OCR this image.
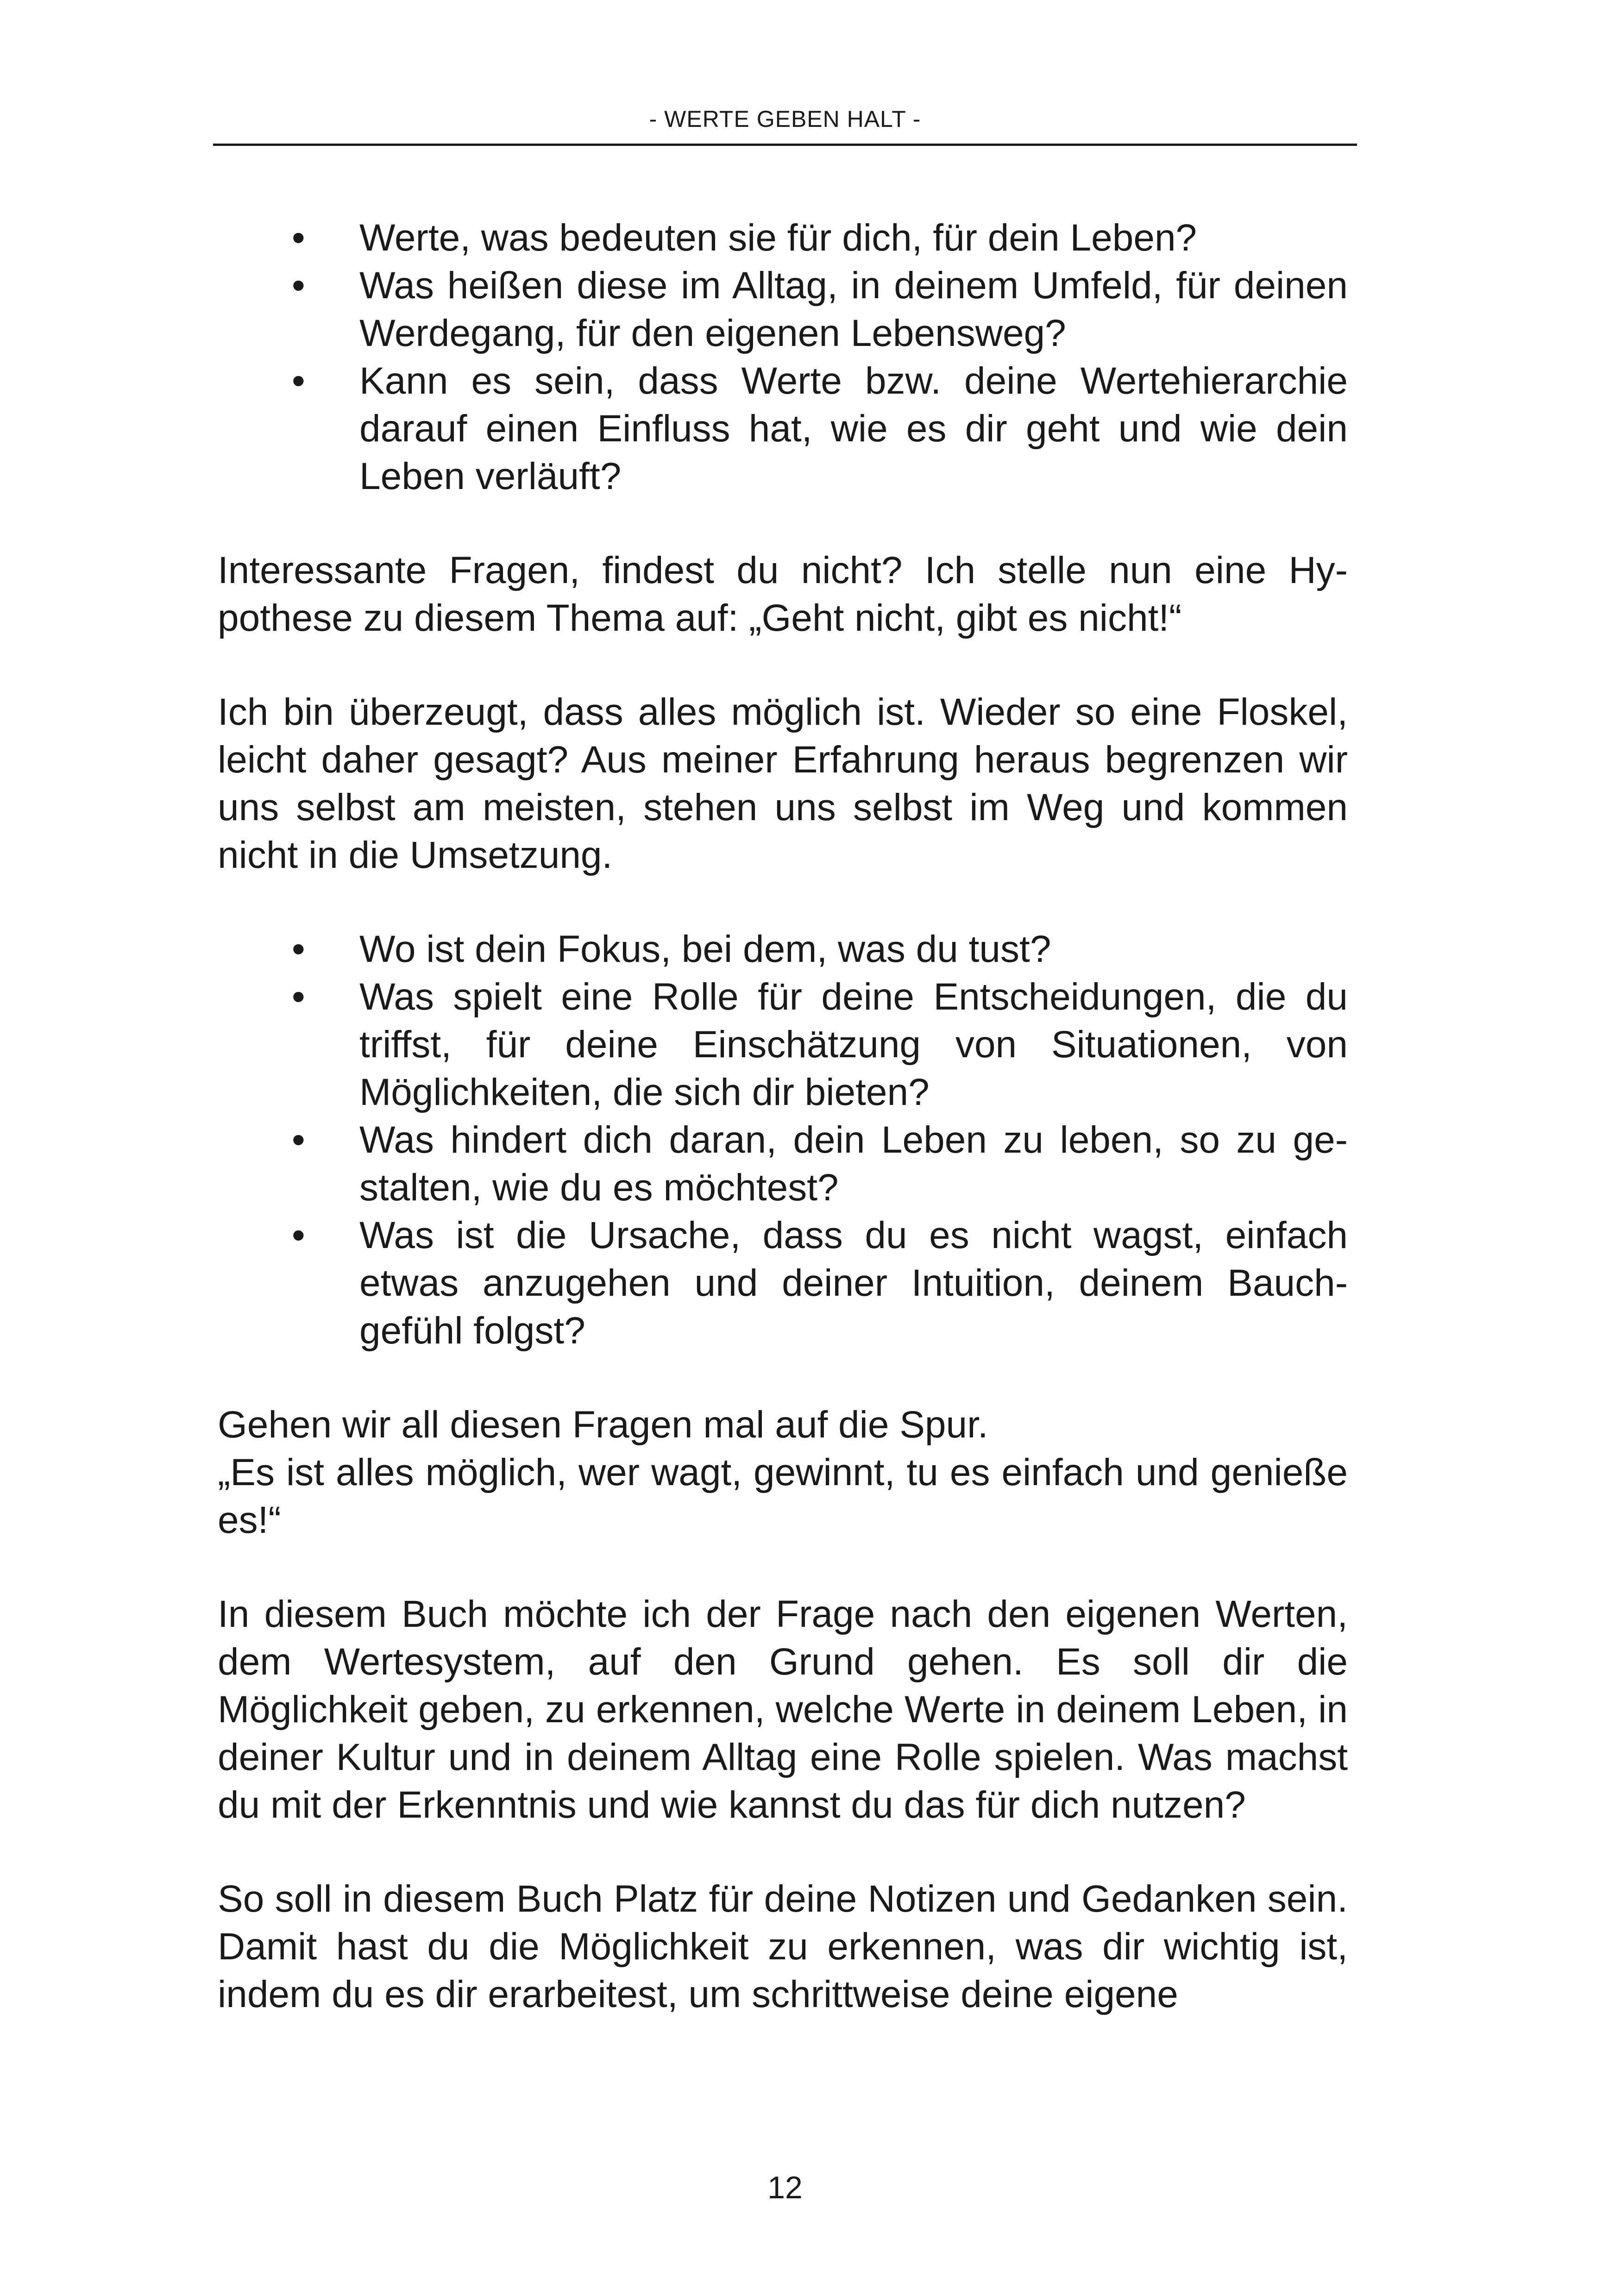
- WERTE GEBEN HALT -
• Werte, was bedeuten sie für dich, für dein Leben?
• Was heißen diese im Alltag, in deinem Umfeld, für deinen Werdegang, für den eigenen Lebensweg?
• Kann es sein, dass Werte bzw. deine Wertehierarchie darauf einen Einfluss hat, wie es dir geht und wie dein Leben verläuft?

Interessante Fragen, findest du nicht? Ich stelle nun eine Hypothese zu diesem Thema auf: „Geht nicht, gibt es nicht!“

Ich bin überzeugt, dass alles möglich ist. Wieder so eine Floskel, leicht daher gesagt? Aus meiner Erfahrung heraus begrenzen wir uns selbst am meisten, stehen uns selbst im Weg und kommen nicht in die Umsetzung.

• Wo ist dein Fokus, bei dem, was du tust?
• Was spielt eine Rolle für deine Entscheidungen, die du triffst, für deine Einschätzung von Situationen, von Möglichkeiten, die sich dir bieten?
• Was hindert dich daran, dein Leben zu leben, so zu gestalten, wie du es möchtest?
• Was ist die Ursache, dass du es nicht wagst, einfach etwas anzugehen und deiner Intuition, deinem Bauchgefühl folgst?

Gehen wir all diesen Fragen mal auf die Spur.

„Es ist alles möglich, wer wagt, gewinnt, tu es einfach und genieße es!“

In diesem Buch möchte ich der Frage nach den eigenen Werten, dem Wertesystem, auf den Grund gehen. Es soll dir die Möglichkeit geben, zu erkennen, welche Werte in deinem Leben, in deiner Kultur und in deinem Alltag eine Rolle spielen. Was machst du mit der Erkenntnis und wie kannst du das für dich nutzen?

So soll in diesem Buch Platz für deine Notizen und Gedanken sein. Damit hast du die Möglichkeit zu erkennen, was dir wichtig ist, indem du es dir erarbeitest, um schrittweise deine eigene

12
